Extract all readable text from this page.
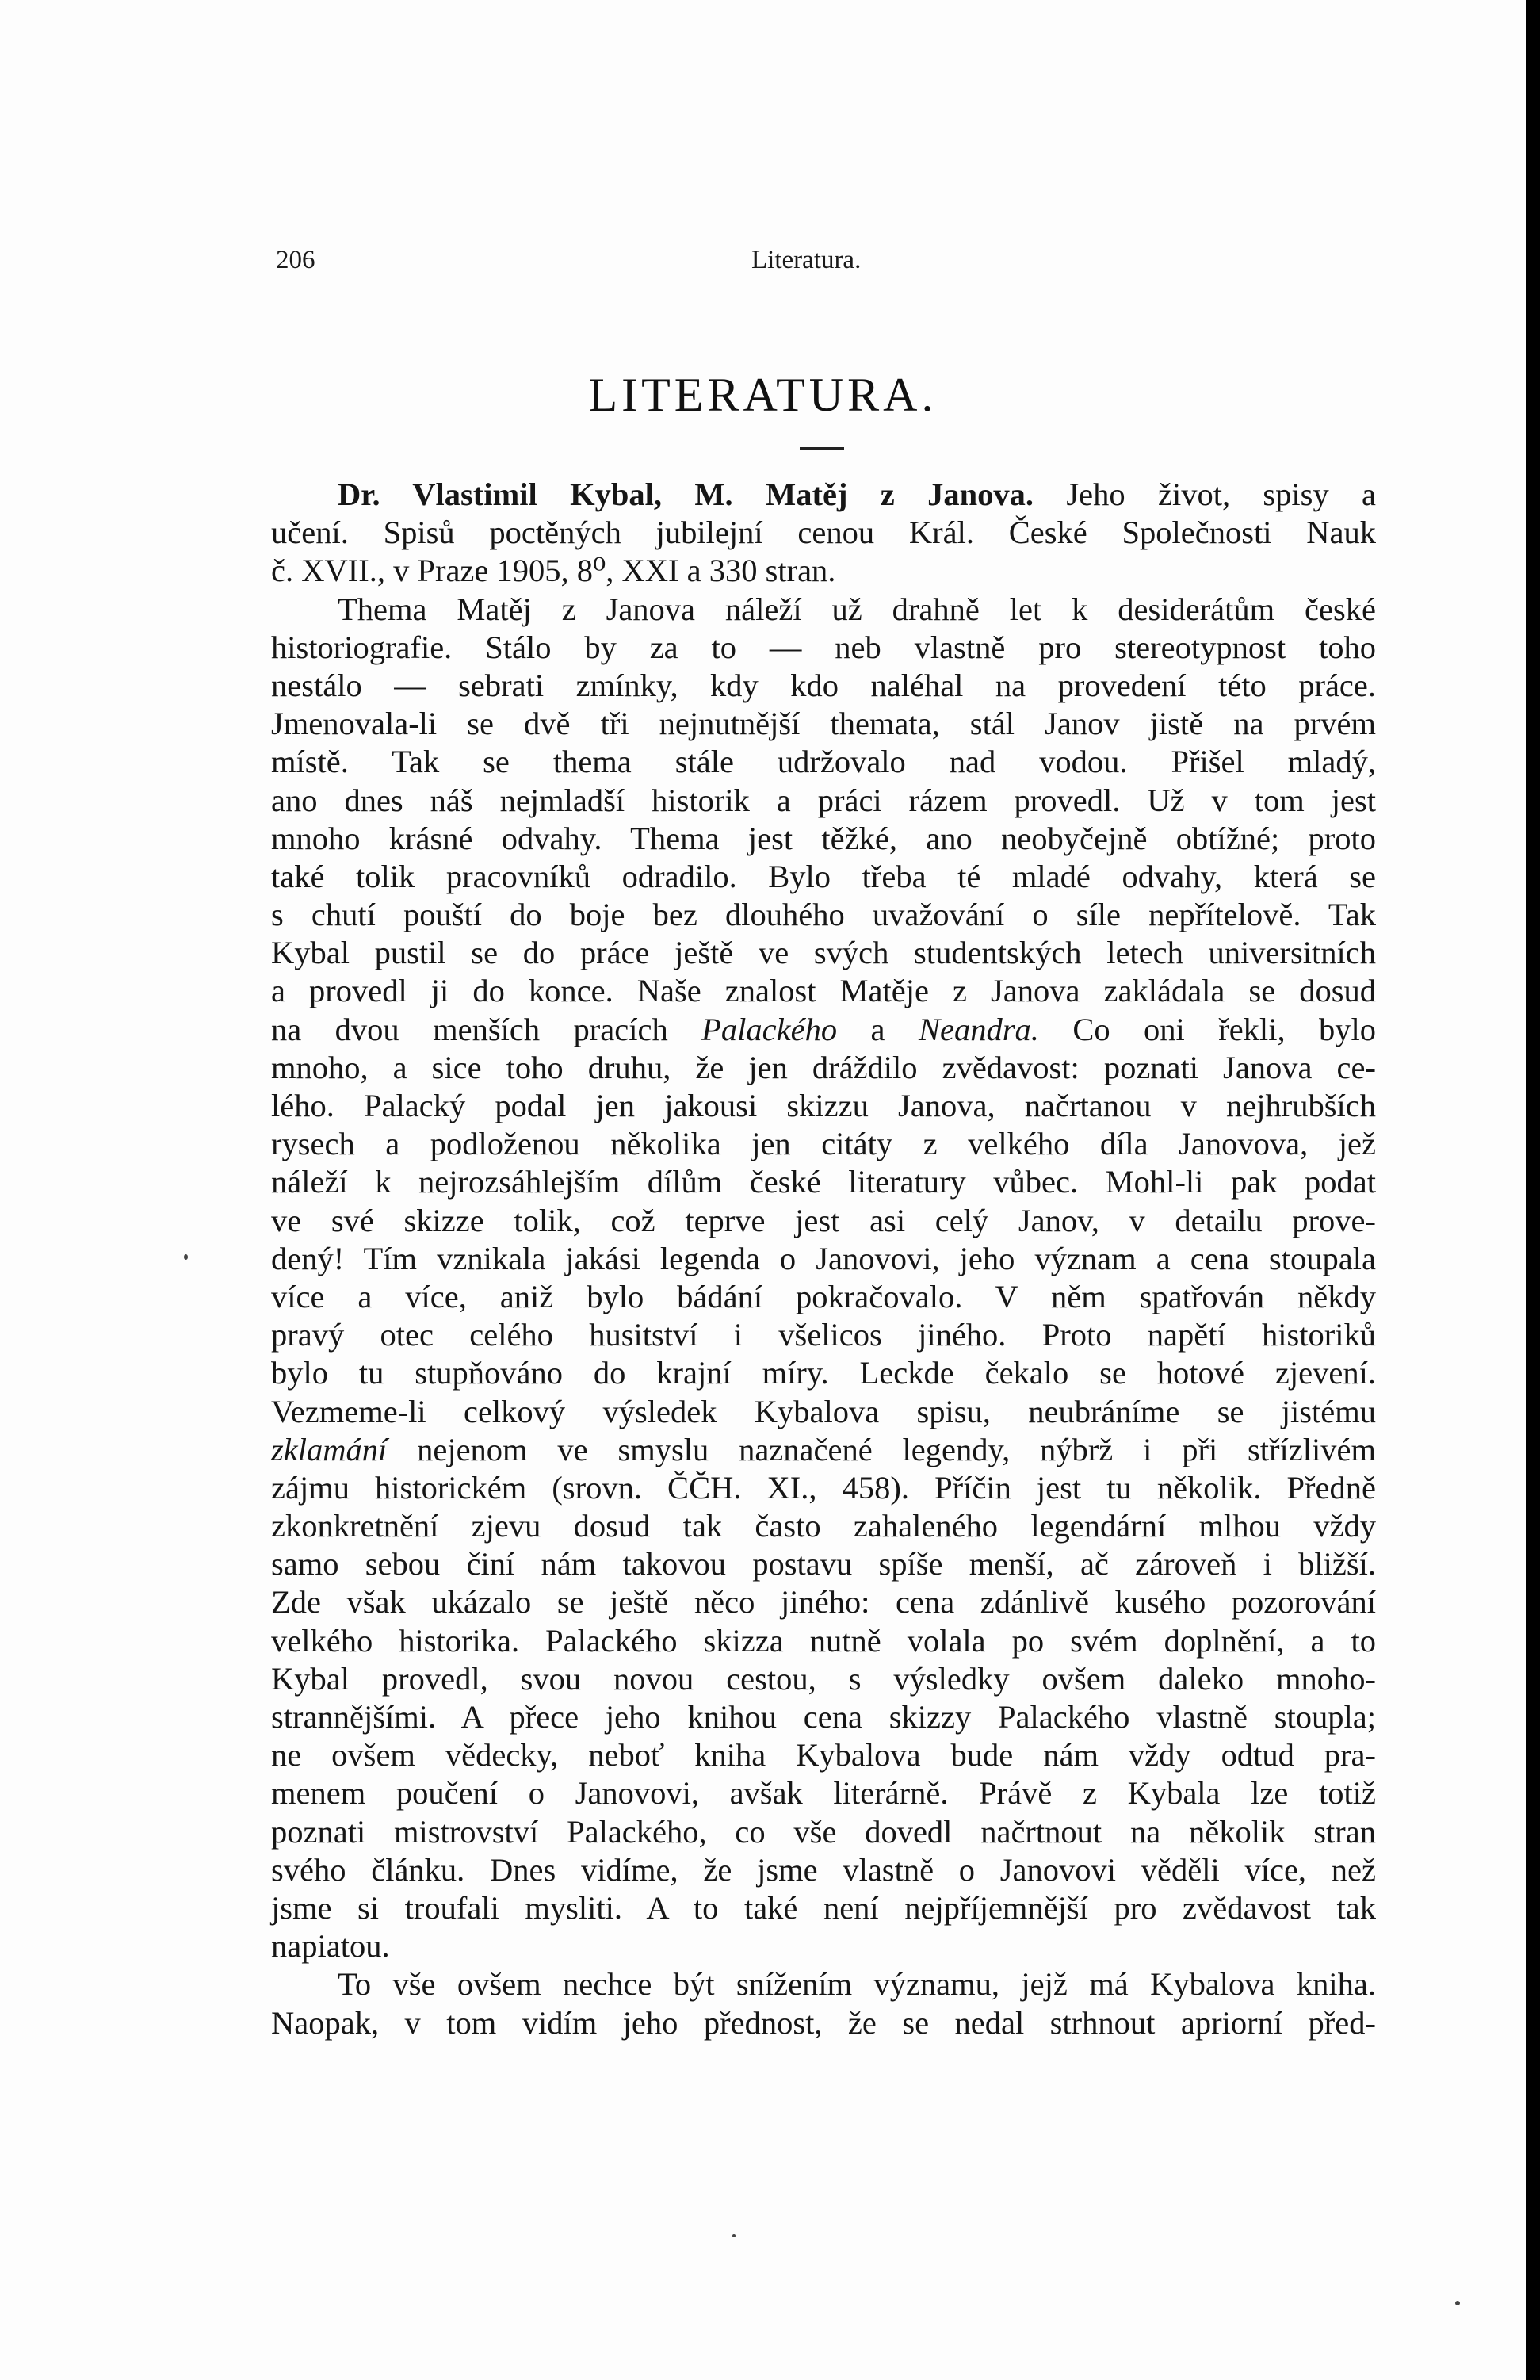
206	Literatura.
LITERATURA.
Dr. Vlastimil Kybal, M. Matěj z Janova. Jeho život, spisy a
učení. Spisů poctěných jubilejní cenou Král. České Společnosti Nauk
č. XVII., v Praze 1905, 8⁰, XXI a 330 stran.
Thema Matěj z Janova náleží už drahně let k desiderátům české
historiografie. Stálo by za to — neb vlastně pro stereotypnost toho
nestálo — sebrati zmínky, kdy kdo naléhal na provedení této práce.
Jmenovala-li se dvě tři nejnutnější themata, stál Janov jistě na prvém
místě. Tak se thema stále udržovalo nad vodou. Přišel mladý,
ano dnes náš nejmladší historik a práci rázem provedl. Už v tom jest
mnoho krásné odvahy. Thema jest těžké, ano neobyčejně obtížné; proto
také tolik pracovníků odradilo. Bylo třeba té mladé odvahy, která se
s chutí pouští do boje bez dlouhého uvažování o síle nepřítelově. Tak
Kybal pustil se do práce ještě ve svých studentských letech universitních
a provedl ji do konce. Naše znalost Matěje z Janova zakládala se dosud
na dvou menších pracích Palackého a Neandra. Co oni řekli, bylo
mnoho, a sice toho druhu, že jen dráždilo zvědavost: poznati Janova ce-
lého. Palacký podal jen jakousi skizzu Janova, načrtanou v nejhrubších
rysech a podloženou několika jen citáty z velkého díla Janovova, jež
náleží k nejrozsáhlejším dílům české literatury vůbec. Mohl-li pak podat
ve své skizze tolik, což teprve jest asi celý Janov, v detailu prove-
dený! Tím vznikala jakási legenda o Janovovi, jeho význam a cena stoupala
více a více, aniž bylo bádání pokračovalo. V něm spatřován někdy
pravý otec celého husitství i všelicos jiného. Proto napětí historiků
bylo tu stupňováno do krajní míry. Leckde čekalo se hotové zjevení.
Vezmeme-li celkový výsledek Kybalova spisu, neubráníme se jistému
zklamání nejenom ve smyslu naznačené legendy, nýbrž i při střízlivém
zájmu historickém (srovn. ČČH. XI., 458). Příčin jest tu několik. Předně
zkonkretnění zjevu dosud tak často zahaleného legendární mlhou vždy
samo sebou činí nám takovou postavu spíše menší, ač zároveň i bližší.
Zde však ukázalo se ještě něco jiného: cena zdánlivě kusého pozorování
velkého historika. Palackého skizza nutně volala po svém doplnění, a to
Kybal provedl, svou novou cestou, s výsledky ovšem daleko mnoho-
strannějšími. A přece jeho knihou cena skizzy Palackého vlastně stoupla;
ne ovšem vědecky, neboť kniha Kybalova bude nám vždy odtud pra-
menem poučení o Janovovi, avšak literárně. Právě z Kybala lze totiž
poznati mistrovství Palackého, co vše dovedl načrtnout na několik stran
svého článku. Dnes vidíme, že jsme vlastně o Janovovi věděli více, než
jsme si troufali mysliti. A to také není nejpříjemnější pro zvědavost tak
napiatou.
To vše ovšem nechce být snížením významu, jejž má Kybalova kniha.
Naopak, v tom vidím jeho přednost, že se nedal strhnout apriorní před-
